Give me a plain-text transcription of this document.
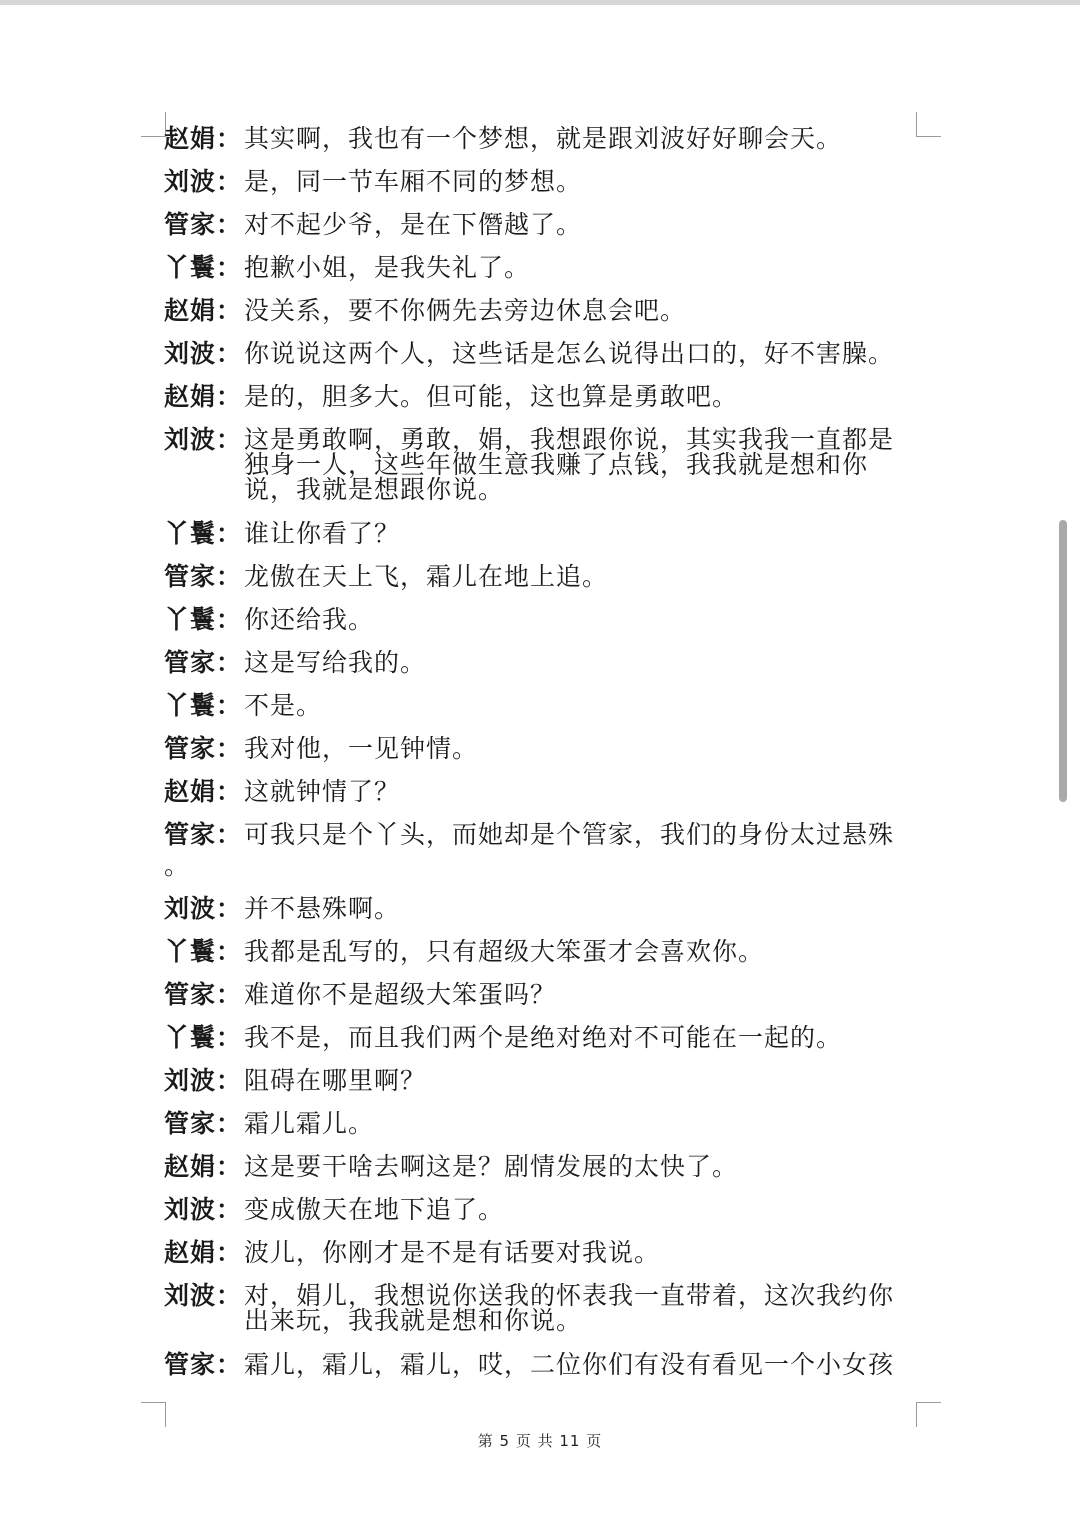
赵娟： 其实啊，我也有一个梦想，就是跟刘波好好聊会天。
刘波： 是，同一节车厢不同的梦想。
管家： 对不起少爷，是在下僭越了。
丫鬟： 抱歉小姐，是我失礼了。
赵娟： 没关系，要不你俩先去旁边休息会吧。
刘波： 你说说这两个人，这些话是怎么说得出口的，好不害臊。
赵娟： 是的，胆多大。但可能，这也算是勇敢吧。
刘波： 这是勇敢啊，勇敢，娟，我想跟你说，其实我我一直都是独身一人，这些年做生意我赚了点钱，我我就是想和你说，我就是想跟你说。
丫鬟： 谁让你看了？
管家： 龙傲在天上飞，霜儿在地上追。
丫鬟： 你还给我。
管家： 这是写给我的。
丫鬟： 不是。
管家： 我对他，一见钟情。
赵娟： 这就钟情了？
管家： 可我只是个丫头，而她却是个管家，我们的身份太过悬殊
。
刘波： 并不悬殊啊。
丫鬟： 我都是乱写的，只有超级大笨蛋才会喜欢你。
管家： 难道你不是超级大笨蛋吗？
丫鬟： 我不是，而且我们两个是绝对绝对不可能在一起的。
刘波： 阻碍在哪里啊？
管家： 霜儿霜儿。
赵娟： 这是要干啥去啊这是？剧情发展的太快了。
刘波： 变成傲天在地下追了。
赵娟： 波儿，你刚才是不是有话要对我说。
刘波： 对，娟儿，我想说你送我的怀表我一直带着，这次我约你出来玩，我我就是想和你说。
管家： 霜儿，霜儿，霜儿，哎，二位你们有没有看见一个小女孩
第 5 页 共 11 页
